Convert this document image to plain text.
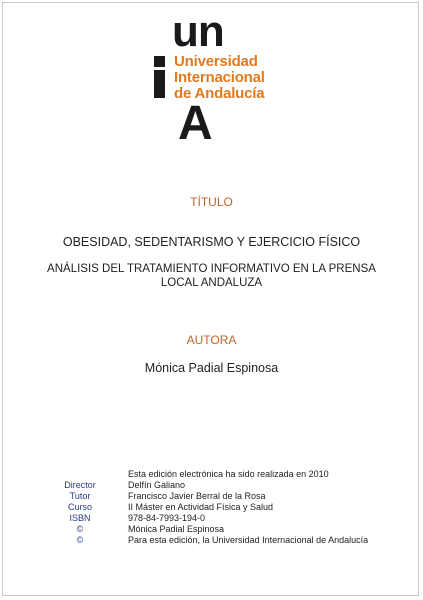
un
Universidad
Internacional
de Andalucía
A
TÍTULO
OBESIDAD, SEDENTARISMO Y EJERCICIO FÍSICO
ANÁLISIS DEL TRATAMIENTO INFORMATIVO EN LA PRENSA
LOCAL ANDALUZA
AUTORA
Mónica Padial Espinosa
Esta edición electrónica ha sido realizada en 2010
Director	Delfín Galiano
Tutor	Francisco Javier Berral de la Rosa
Curso	II Máster en Actividad Física y Salud
ISBN	978-84-7993-194-0
©	Mónica Padial Espinosa
©	Para esta edición, la Universidad Internacional de Andalucía
